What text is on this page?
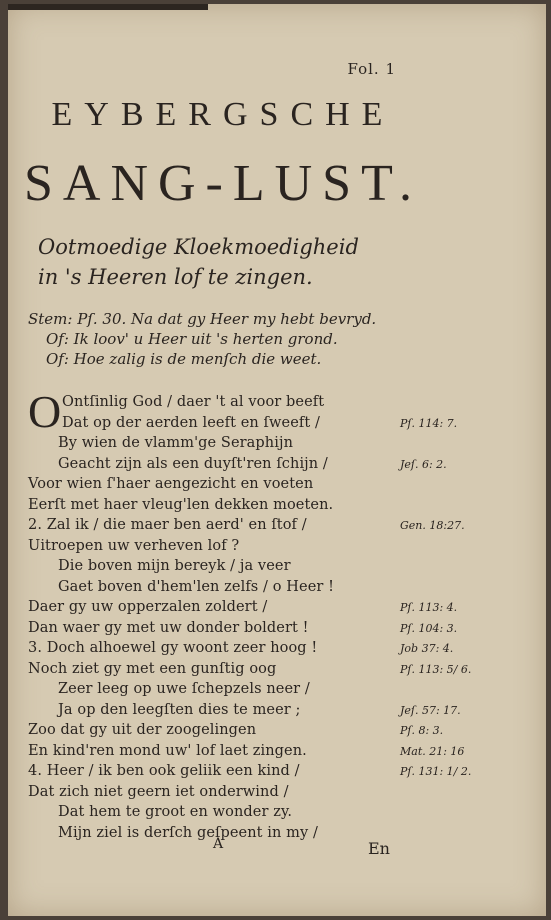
Fol. 1
EYBERGSCHE
SANG-LUST.
Ootmoedige Kloekmoedigheid
in 's Heeren lof te zingen.
Stem: Pſ. 30. Na dat gy Heer my hebt bevryd.
Of: Ik loov' u Heer uit 's herten grond.
Of: Hoe zalig is de menſch die weet.
O Ontſinlig God / daer 't al voor beeft
Dat op der aerden leeft en ſweeft /
By wien de vlamm'ge Seraphijn
Geacht zijn als een duyſt'ren ſchijn /
Voor wien ſ'haer aengezicht en voeten
Eerſt met haer vleug'len dekken moeten.
2. Zal ik / die maer ben aerd' en ſtof /
Uitroepen uw verheven lof ?
Die boven mijn bereyk / ja veer
Gaet boven d'hem'len zelfs / o Heer !
Daer gy uw opperzalen zoldert /
Dan waer gy met uw donder boldert !
3. Doch alhoewel gy woont zeer hoog !
Noch ziet gy met een gunſtig oog
Zeer leeg op uwe ſchepzels neer /
Ja op den leegſten dies te meer ;
Zoo dat gy uit der zoogelingen
En kind'ren mond uw' lof laet zingen.
4. Heer / ik ben ook geliik een kind /
Dat zich niet geern iet onderwind /
Dat hem te groot en wonder zy.
Mijn ziel is derſch geſpeent in my /
Pſ. 114: 7.
Jeſ. 6: 2.
Gen. 18:27.
Pſ. 113: 4.
Pſ. 104: 3.
Job 37: 4.
Pſ. 113: 5/ 6.
Jeſ. 57: 17.
Pſ. 8: 3.
Mat. 21: 16
Pſ. 131: 1/ 2.
A	En
